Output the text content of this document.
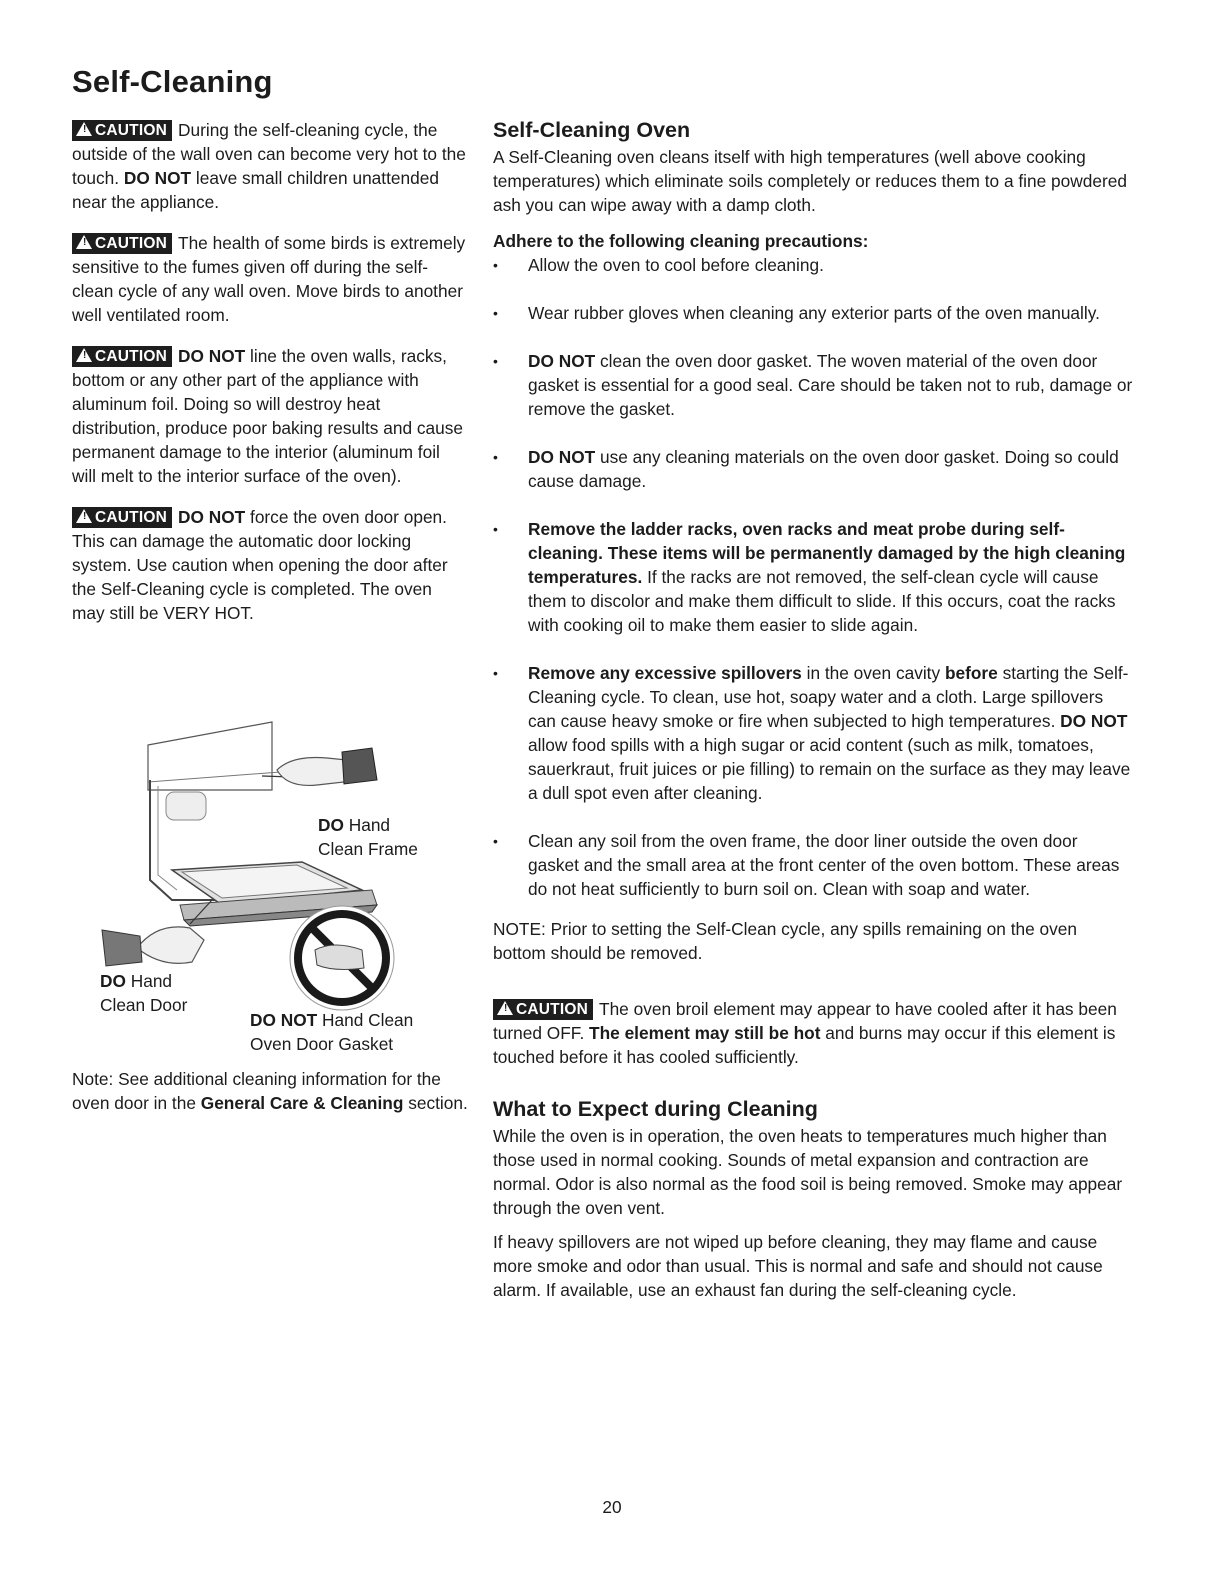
Self-Cleaning

! CAUTION During the self-cleaning cycle, the outside of the wall oven can become very hot to the touch. DO NOT leave small children unattended near the appliance.

! CAUTION The health of some birds is extremely sensitive to the fumes given off during the self-clean cycle of any wall oven. Move birds to another well ventilated room.

! CAUTION DO NOT line the oven walls, racks, bottom or any other part of the appliance with aluminum foil. Doing so will destroy heat distribution, produce poor baking results and cause permanent damage to the interior (aluminum foil will melt to the interior surface of the oven).

! CAUTION DO NOT force the oven door open. This can damage the automatic door locking system. Use caution when opening the door after the Self-Cleaning cycle is completed. The oven may still be VERY HOT.

DO Hand
Clean Frame
DO Hand
Clean Door
DO NOT Hand Clean
Oven Door Gasket

Note: See additional cleaning information for the oven door in the General Care & Cleaning section.

Self-Cleaning Oven

A Self-Cleaning oven cleans itself with high temperatures (well above cooking temperatures) which eliminate soils completely or reduces them to a fine powdered ash you can wipe away with a damp cloth.

Adhere to the following cleaning precautions:
• Allow the oven to cool before cleaning.
• Wear rubber gloves when cleaning any exterior parts of the oven manually.
• DO NOT clean the oven door gasket. The woven material of the oven door gasket is essential for a good seal. Care should be taken not to rub, damage or remove the gasket.
• DO NOT use any cleaning materials on the oven door gasket. Doing so could cause damage.
• Remove the ladder racks, oven racks and meat probe during self-cleaning. These items will be permanently damaged by the high cleaning temperatures. If the racks are not removed, the self-clean cycle will cause them to discolor and make them difficult to slide. If this occurs, coat the racks with cooking oil to make them easier to slide again.
• Remove any excessive spillovers in the oven cavity before starting the Self-Cleaning cycle. To clean, use hot, soapy water and a cloth. Large spillovers can cause heavy smoke or fire when subjected to high temperatures. DO NOT allow food spills with a high sugar or acid content (such as milk, tomatoes, sauerkraut, fruit juices or pie filling) to remain on the surface as they may leave a dull spot even after cleaning.
• Clean any soil from the oven frame, the door liner outside the oven door gasket and the small area at the front center of the oven bottom. These areas do not heat sufficiently to burn soil on. Clean with soap and water.

NOTE: Prior to setting the Self-Clean cycle, any spills remaining on the oven bottom should be removed.

! CAUTION The oven broil element may appear to have cooled after it has been turned OFF. The element may still be hot and burns may occur if this element is touched before it has cooled sufficiently.

What to Expect during Cleaning

While the oven is in operation, the oven heats to temperatures much higher than those used in normal cooking. Sounds of metal expansion and contraction are normal. Odor is also normal as the food soil is being removed. Smoke may appear through the oven vent.

If heavy spillovers are not wiped up before cleaning, they may flame and cause more smoke and odor than usual. This is normal and safe and should not cause alarm. If available, use an exhaust fan during the self-cleaning cycle.

20
